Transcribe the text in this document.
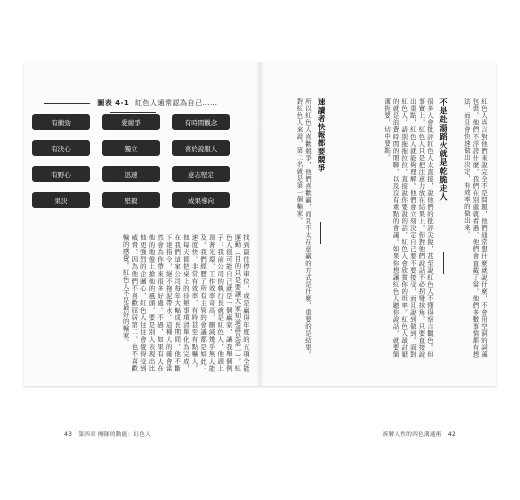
圖表 4-1 紅色人通常認為自己……
有衝勁	愛競爭	有時間觀念
有決心	獨立	喜於說服人
有野心	迅速	意志堅定
果決	堅毅	成果導向
找到最佳停車位，或是贏得年度的五項全能運動（目的只是要讓大家知道誰是第一）。紅色人很可能自己就是一個贏家，讓我舉個例子：我前公司的執行長就是紅色人，他頭上頂著光環，工作效率奇高，刪減幾乎無人能及。我們經歷了所有主管的會議都是如此：速度快，非常有效率，有時甚至有點嚇人。他每天都把桌上的待辦事項清單化為完成，在我們這家公司每年大幅成長期間，他不斷下達指令，絕不拖泥帶水。這種人的確會當然會為你帶來很多好處。不過，如果有人在他的地盤上搶他的風頭，要是別人表現出比他更強烈的企圖心，紅色人往往會覺得受到威脅，因為他們不喜歡屈居第二，也不喜歡輸的感覺。紅色人不是最好的輸家。
43 第四章 團隊的動能：紅色人
所以紅色人喜歡競爭，他們喜歡贏，而且不太在意贏的方式是什麼，重要的是結果。對紅色人來說，第二名就是第一個輸家。	速讀者快報都要競爭	很多人會批評紅色人太直接，說他們的批評尖銳，甚至說紅色人不懂得察言觀色。但事實上，紅色人只是把注意力放在結果上，你對他們說話不必拐彎抹角，只要直接說出重點，紅色人就能夠理解。他們會立刻決定自己要不要接受，而且說到做到。面對紅色人，請別拖拖拉拉，直接說你要說的話，紅色人會欣賞你的坦率。紅色人最討厭的就是浪費時間的閒聊，以及沒有重點的會議。如果你想讓紅色人聽你說話，就要簡潔扼要，切中要點。	不是赴湯蹈火就是乾脆走人	紅色人真言對他們來說完全不是問題，他們通常想什麼就說什麼，不會用空洞的詞藻包裝。他們不浮誇什麼，我們在別處就看過，他們會直截了當，他們多數事情都有想法，而且會快速做出決定，有效率的做出來。
拆解人性的四色溝通術 42
